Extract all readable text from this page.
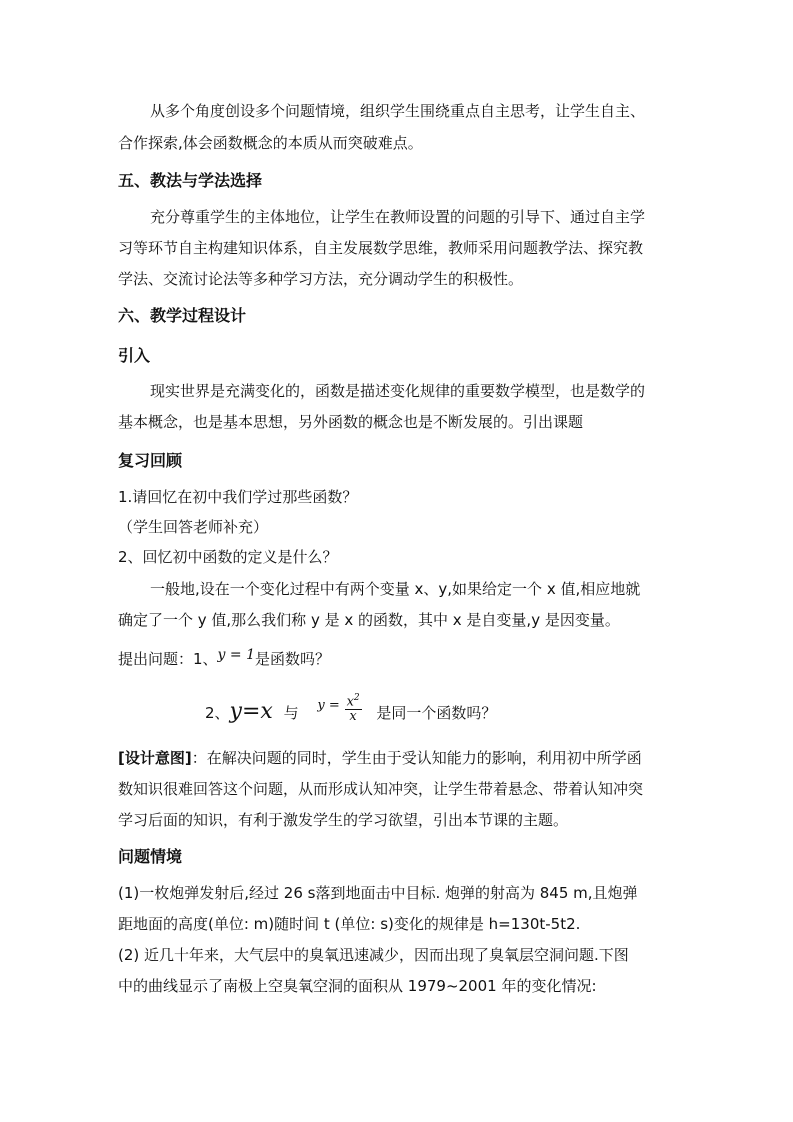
从多个角度创设多个问题情境，组织学生围绕重点自主思考，让学生自主、
合作探索,体会函数概念的本质从而突破难点。
五、教法与学法选择
充分尊重学生的主体地位，让学生在教师设置的问题的引导下、通过自主学
习等环节自主构建知识体系，自主发展数学思维，教师采用问题教学法、探究教
学法、交流讨论法等多种学习方法，充分调动学生的积极性。
六、教学过程设计
引入
现实世界是充满变化的，函数是描述变化规律的重要数学模型，也是数学的
基本概念，也是基本思想，另外函数的概念也是不断发展的。引出课题
复习回顾
1.请回忆在初中我们学过那些函数？
（学生回答老师补充）
2、回忆初中函数的定义是什么？
一般地,设在一个变化过程中有两个变量 x、y,如果给定一个 x 值,相应地就
确定了一个 y 值,那么我们称 y 是 x 的函数，其中 x 是自变量,y 是因变量。
提出问题：1、y = 1是函数吗？
2、y=x 与 $y = \frac{x^2}{x}$ 是同一个函数吗？
[设计意图]：在解决问题的同时，学生由于受认知能力的影响，利用初中所学函
数知识很难回答这个问题，从而形成认知冲突，让学生带着悬念、带着认知冲突
学习后面的知识，有利于激发学生的学习欲望，引出本节课的主题。
问题情境
(1)一枚炮弹发射后,经过 26 s落到地面击中目标. 炮弹的射高为 845 m,且炮弹
距地面的高度(单位: m)随时间 t (单位: s)变化的规律是 h=130t-5t2.
(2) 近几十年来，大气层中的臭氧迅速减少，因而出现了臭氧层空洞问题.下图
中的曲线显示了南极上空臭氧空洞的面积从 1979~2001 年的变化情况:
